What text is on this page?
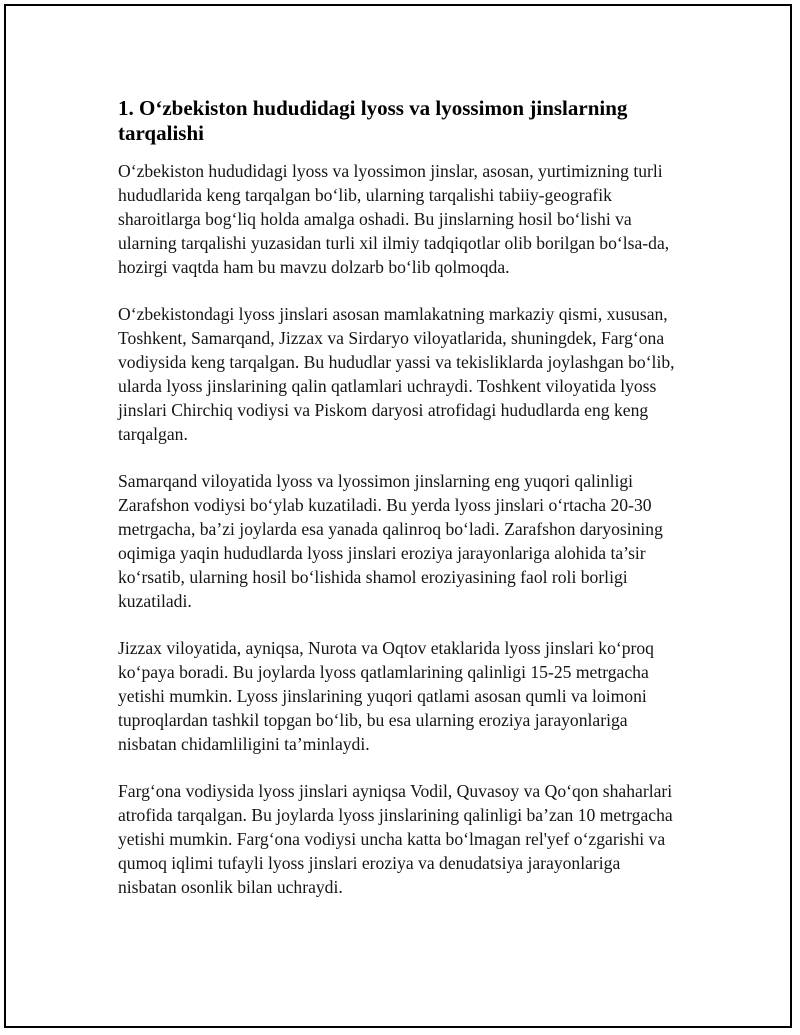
1. O‘zbekiston hududidagi lyoss va lyossimon jinslarning tarqalishi

O‘zbekiston hududidagi lyoss va lyossimon jinslar, asosan, yurtimizning turli hududlarida keng tarqalgan bo‘lib, ularning tarqalishi tabiiy-geografik sharoitlarga bog‘liq holda amalga oshadi. Bu jinslarning hosil bo‘lishi va ularning tarqalishi yuzasidan turli xil ilmiy tadqiqotlar olib borilgan bo‘lsa-da, hozirgi vaqtda ham bu mavzu dolzarb bo‘lib qolmoqda.

O‘zbekistondagi lyoss jinslari asosan mamlakatning markaziy qismi, xususan, Toshkent, Samarqand, Jizzax va Sirdaryo viloyatlarida, shuningdek, Farg‘ona vodiysida keng tarqalgan. Bu hududlar yassi va tekisliklarda joylashgan bo‘lib, ularda lyoss jinslarining qalin qatlamlari uchraydi. Toshkent viloyatida lyoss jinslari Chirchiq vodiysi va Piskom daryosi atrofidagi hududlarda eng keng tarqalgan.

Samarqand viloyatida lyoss va lyossimon jinslarning eng yuqori qalinligi Zarafshon vodiysi bo‘ylab kuzatiladi. Bu yerda lyoss jinslari o‘rtacha 20-30 metrgacha, ba’zi joylarda esa yanada qalinroq bo‘ladi. Zarafshon daryosining oqimiga yaqin hududlarda lyoss jinslari eroziya jarayonlariga alohida ta’sir ko‘rsatib, ularning hosil bo‘lishida shamol eroziyasining faol roli borligi kuzatiladi.

Jizzax viloyatida, ayniqsa, Nurota va Oqtov etaklarida lyoss jinslari ko‘proq ko‘paya boradi. Bu joylarda lyoss qatlamlarining qalinligi 15-25 metrgacha yetishi mumkin. Lyoss jinslarining yuqori qatlami asosan qumli va loimoni tuproqlardan tashkil topgan bo‘lib, bu esa ularning eroziya jarayonlariga nisbatan chidamliligini ta’minlaydi.

Farg‘ona vodiysida lyoss jinslari ayniqsa Vodil, Quvasoy va Qo‘qon shaharlari atrofida tarqalgan. Bu joylarda lyoss jinslarining qalinligi ba’zan 10 metrgacha yetishi mumkin. Farg‘ona vodiysi uncha katta bo‘lmagan rel'yef o‘zgarishi va qumoq iqlimi tufayli lyoss jinslari eroziya va denudatsiya jarayonlariga nisbatan osonlik bilan uchraydi.
